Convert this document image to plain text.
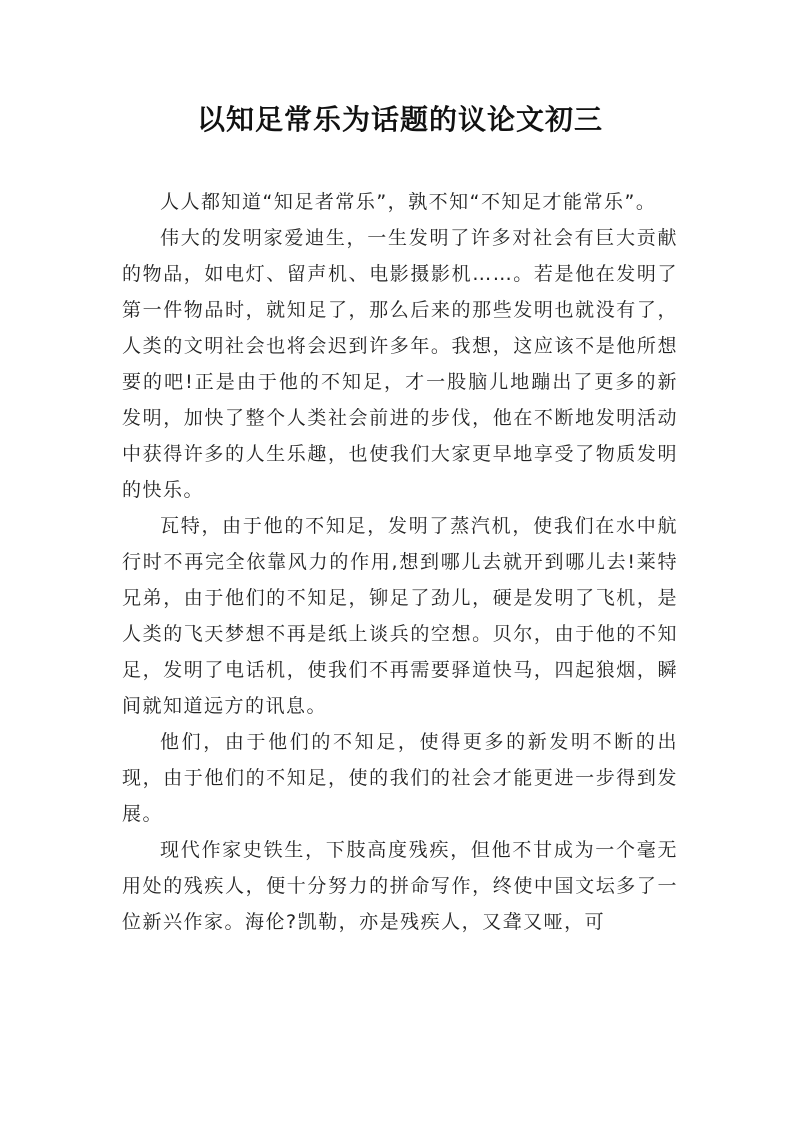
以知足常乐为话题的议论文初三

人人都知道“知足者常乐”，孰不知“不知足才能常乐”。

伟大的发明家爱迪生，一生发明了许多对社会有巨大贡献的物品，如电灯、留声机、电影摄影机……。若是他在发明了第一件物品时，就知足了，那么后来的那些发明也就没有了，人类的文明社会也将会迟到许多年。我想，这应该不是他所想要的吧!正是由于他的不知足，才一股脑儿地蹦出了更多的新发明，加快了整个人类社会前进的步伐，他在不断地发明活动中获得许多的人生乐趣，也使我们大家更早地享受了物质发明的快乐。

瓦特，由于他的不知足，发明了蒸汽机，使我们在水中航行时不再完全依靠风力的作用,想到哪儿去就开到哪儿去!莱特兄弟，由于他们的不知足，铆足了劲儿，硬是发明了飞机，是人类的飞天梦想不再是纸上谈兵的空想。贝尔，由于他的不知足，发明了电话机，使我们不再需要驿道快马，四起狼烟，瞬间就知道远方的讯息。

他们，由于他们的不知足，使得更多的新发明不断的出现，由于他们的不知足，使的我们的社会才能更进一步得到发展。

现代作家史铁生，下肢高度残疾，但他不甘成为一个毫无用处的残疾人，便十分努力的拼命写作，终使中国文坛多了一位新兴作家。海伦?凯勒，亦是残疾人，又聋又哑，可
